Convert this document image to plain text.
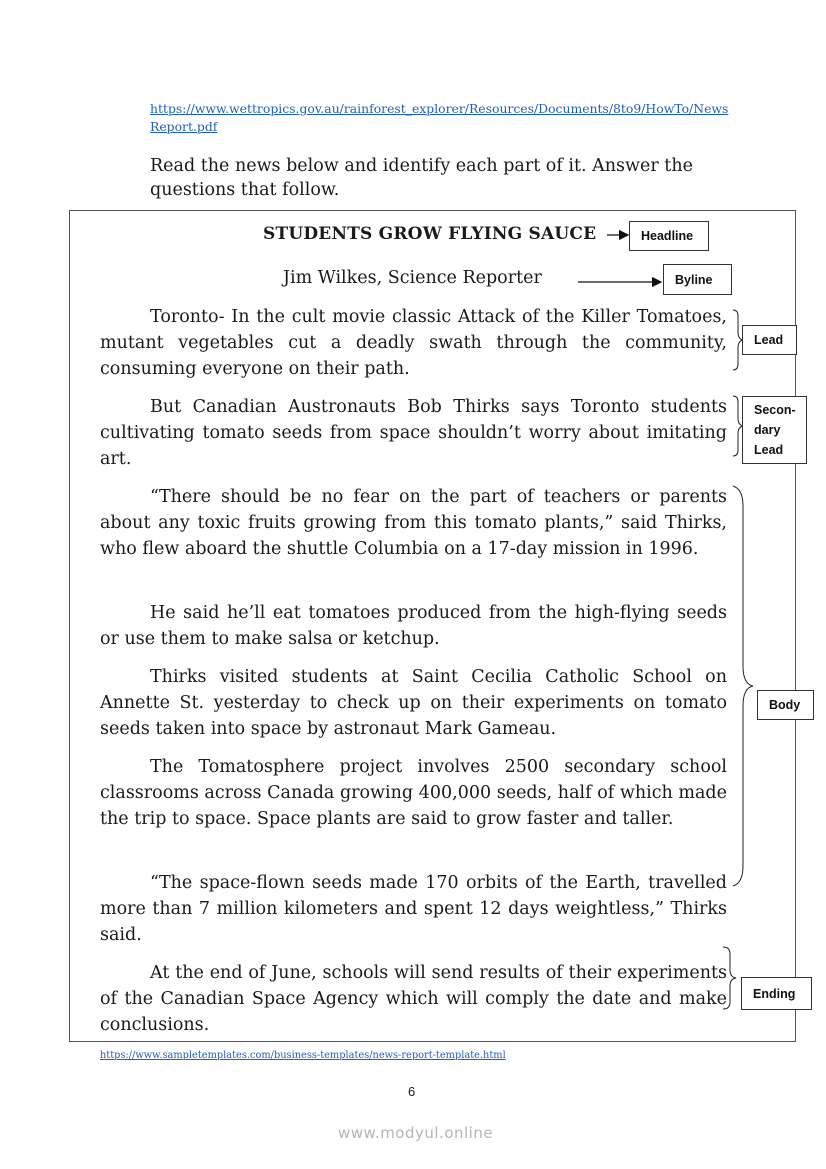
https://www.wettropics.gov.au/rainforest_explorer/Resources/Documents/8to9/HowTo/NewsReport.pdf
Read the news below and identify each part of it. Answer the questions that follow.
STUDENTS GROW FLYING SAUCE
Jim Wilkes, Science Reporter

Toronto- In the cult movie classic Attack of the Killer Tomatoes, mutant vegetables cut a deadly swath through the community, consuming everyone on their path.

But Canadian Austronauts Bob Thirks says Toronto students cultivating tomato seeds from space shouldn’t worry about imitating art.

“There should be no fear on the part of teachers or parents about any toxic fruits growing from this tomato plants,” said Thirks, who flew aboard the shuttle Columbia on a 17-day mission in 1996.

He said he’ll eat tomatoes produced from the high-flying seeds or use them to make salsa or ketchup.

Thirks visited students at Saint Cecilia Catholic School on Annette St. yesterday to check up on their experiments on tomato seeds taken into space by astronaut Mark Gameau.

The Tomatosphere project involves 2500 secondary school classrooms across Canada growing 400,000 seeds, half of which made the trip to space. Space plants are said to grow faster and taller.

“The space-flown seeds made 170 orbits of the Earth, travelled more than 7 million kilometers and spent 12 days weightless,” Thirks said.

At the end of June, schools will send results of their experiments of the Canadian Space Agency which will comply the date and make conclusions.

Headline
Byline
Lead
Secon-
dary
Lead
Body
Ending
https://www.sampletemplates.com/business-templates/news-report-template.html
6
www.modyul.online
